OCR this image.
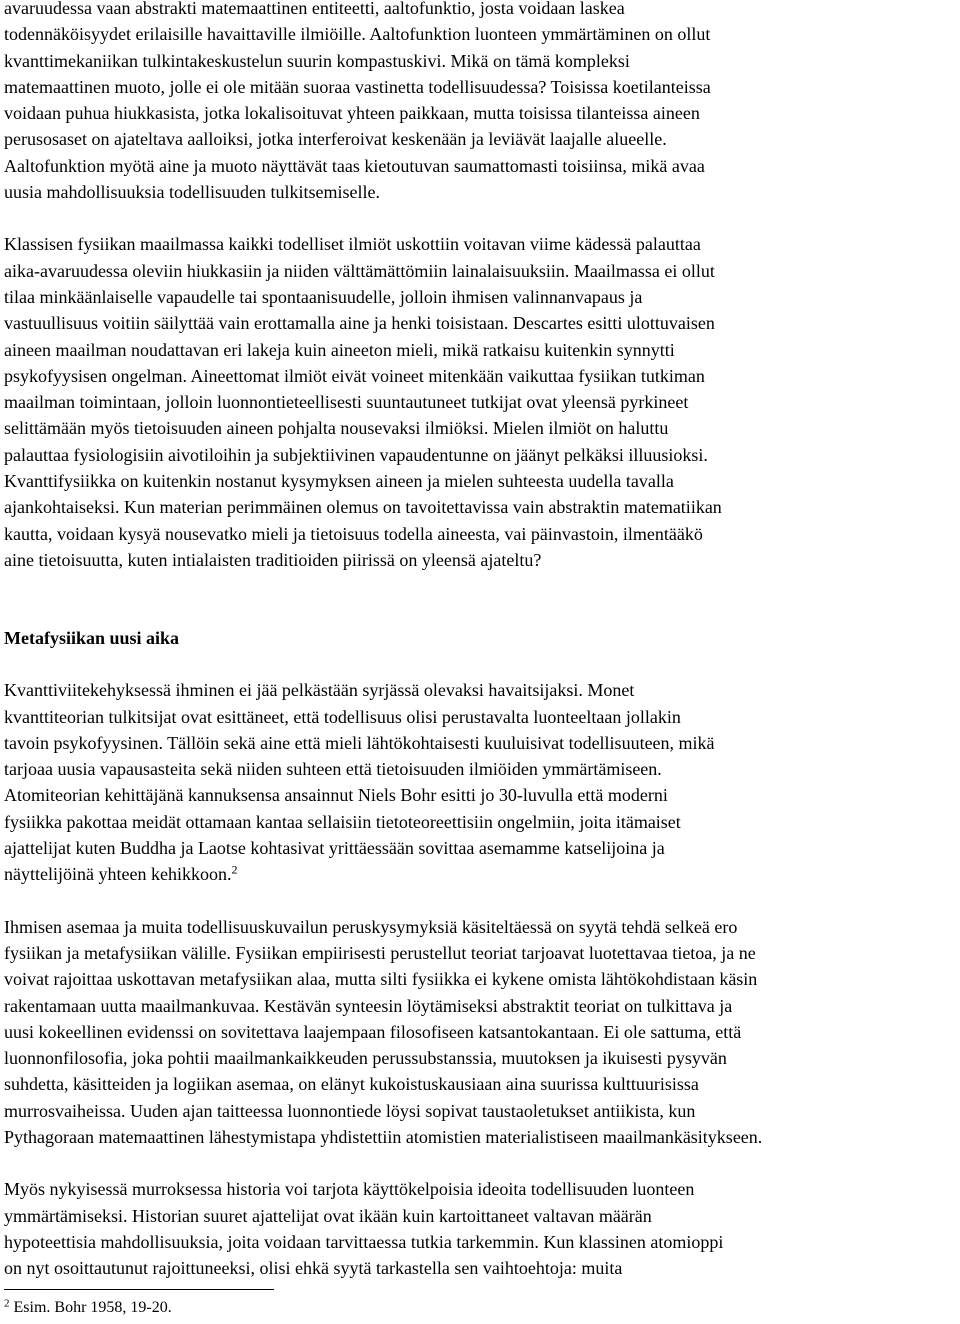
avaruudessa vaan abstrakti matemaattinen entiteetti, aaltofunktio, josta voidaan laskea
todennäköisyydet erilaisille havaittaville ilmiöille. Aaltofunktion luonteen ymmärtäminen on ollut
kvanttimekaniikan tulkintakeskustelun suurin kompastuskivi. Mikä on tämä kompleksi
matemaattinen muoto, jolle ei ole mitään suoraa vastinetta todellisuudessa? Toisissa koetilanteissa
voidaan puhua hiukkasista, jotka lokalisoituvat yhteen paikkaan, mutta toisissa tilanteissa aineen
perusosaset on ajateltava aalloiksi, jotka interferoivat keskenään ja leviävät laajalle alueelle.
Aaltofunktion myötä aine ja muoto näyttävät taas kietoutuvan saumattomasti toisiinsa, mikä avaa
uusia mahdollisuuksia todellisuuden tulkitsemiselle.
Klassisen fysiikan maailmassa kaikki todelliset ilmiöt uskottiin voitavan viime kädessä palauttaa
aika-avaruudessa oleviin hiukkasiin ja niiden välttämättömiin lainalaisuuksiin. Maailmassa ei ollut
tilaa minkäänlaiselle vapaudelle tai spontaanisuudelle, jolloin ihmisen valinnanvapaus ja
vastuullisuus voitiin säilyttää vain erottamalla aine ja henki toisistaan. Descartes esitti ulottuvaisen
aineen maailman noudattavan eri lakeja kuin aineeton mieli, mikä ratkaisu kuitenkin synnytti
psykofyysisen ongelman. Aineettomat ilmiöt eivät voineet mitenkään vaikuttaa fysiikan tutkiman
maailman toimintaan, jolloin luonnontieteellisesti suuntautuneet tutkijat ovat yleensä pyrkineet
selittämään myös tietoisuuden aineen pohjalta nousevaksi ilmiöksi. Mielen ilmiöt on haluttu
palauttaa fysiologisiin aivotiloihin ja subjektiivinen vapaudentunne on jäänyt pelkäksi illuusioksi.
Kvanttifysiikka on kuitenkin nostanut kysymyksen aineen ja mielen suhteesta uudella tavalla
ajankohtaiseksi. Kun materian perimmäinen olemus on tavoitettavissa vain abstraktin matematiikan
kautta, voidaan kysyä nousevatko mieli ja tietoisuus todella aineesta, vai päinvastoin, ilmentääkö
aine tietoisuutta, kuten intialaisten traditioiden piirissä on yleensä ajateltu?
Metafysiikan uusi aika
Kvanttiviitekehyksessä ihminen ei jää pelkästään syrjässä olevaksi havaitsijaksi. Monet
kvanttiteorian tulkitsijat ovat esittäneet, että todellisuus olisi perustavalta luonteeltaan jollakin
tavoin psykofyysinen. Tällöin sekä aine että mieli lähtökohtaisesti kuuluisivat todellisuuteen, mikä
tarjoaa uusia vapausasteita sekä niiden suhteen että tietoisuuden ilmiöiden ymmärtämiseen.
Atomiteorian kehittäjänä kannuksensa ansainnut Niels Bohr esitti jo 30-luvulla että moderni
fysiikka pakottaa meidät ottamaan kantaa sellaisiin tietoteoreettisiin ongelmiin, joita itämaiset
ajattelijat kuten Buddha ja Laotse kohtasivat yrittäessään sovittaa asemamme katselijoina ja
näyttelijöinä yhteen kehikkoon.$^2$
Ihmisen asemaa ja muita todellisuuskuvailun peruskysymyksiä käsiteltäessä on syytä tehdä selkeä ero
fysiikan ja metafysiikan välille. Fysiikan empiirisesti perustellut teoriat tarjoavat luotettavaa tietoa, ja ne
voivat rajoittaa uskottavan metafysiikan alaa, mutta silti fysiikka ei kykene omista lähtökohdistaan käsin
rakentamaan uutta maailmankuvaa. Kestävän synteesin löytämiseksi abstraktit teoriat on tulkittava ja
uusi kokeellinen evidenssi on sovitettava laajempaan filosofiseen katsantokantaan. Ei ole sattuma, että
luonnonfilosofia, joka pohtii maailmankaikkeuden perussubstanssia, muutoksen ja ikuisesti pysyvän
suhdetta, käsitteiden ja logiikan asemaa, on elänyt kukoistuskausiaan aina suurissa kulttuurisissa
murrosvaiheissa. Uuden ajan taitteessa luonnontiede löysi sopivat taustaoletukset antiikista, kun
Pythagoraan matemaattinen lähestymistapa yhdistettiin atomistien materialistiseen maailmankäsitykseen.
Myös nykyisessä murroksessa historia voi tarjota käyttökelpoisia ideoita todellisuuden luonteen
ymmärtämiseksi. Historian suuret ajattelijat ovat ikään kuin kartoittaneet valtavan määrän
hypoteettisia mahdollisuuksia, joita voidaan tarvittaessa tutkia tarkemmin. Kun klassinen atomioppi
on nyt osoittautunut rajoittuneeksi, olisi ehkä syytä tarkastella sen vaihtoehtoja: muita
$^2$ Esim. Bohr 1958, 19-20.
